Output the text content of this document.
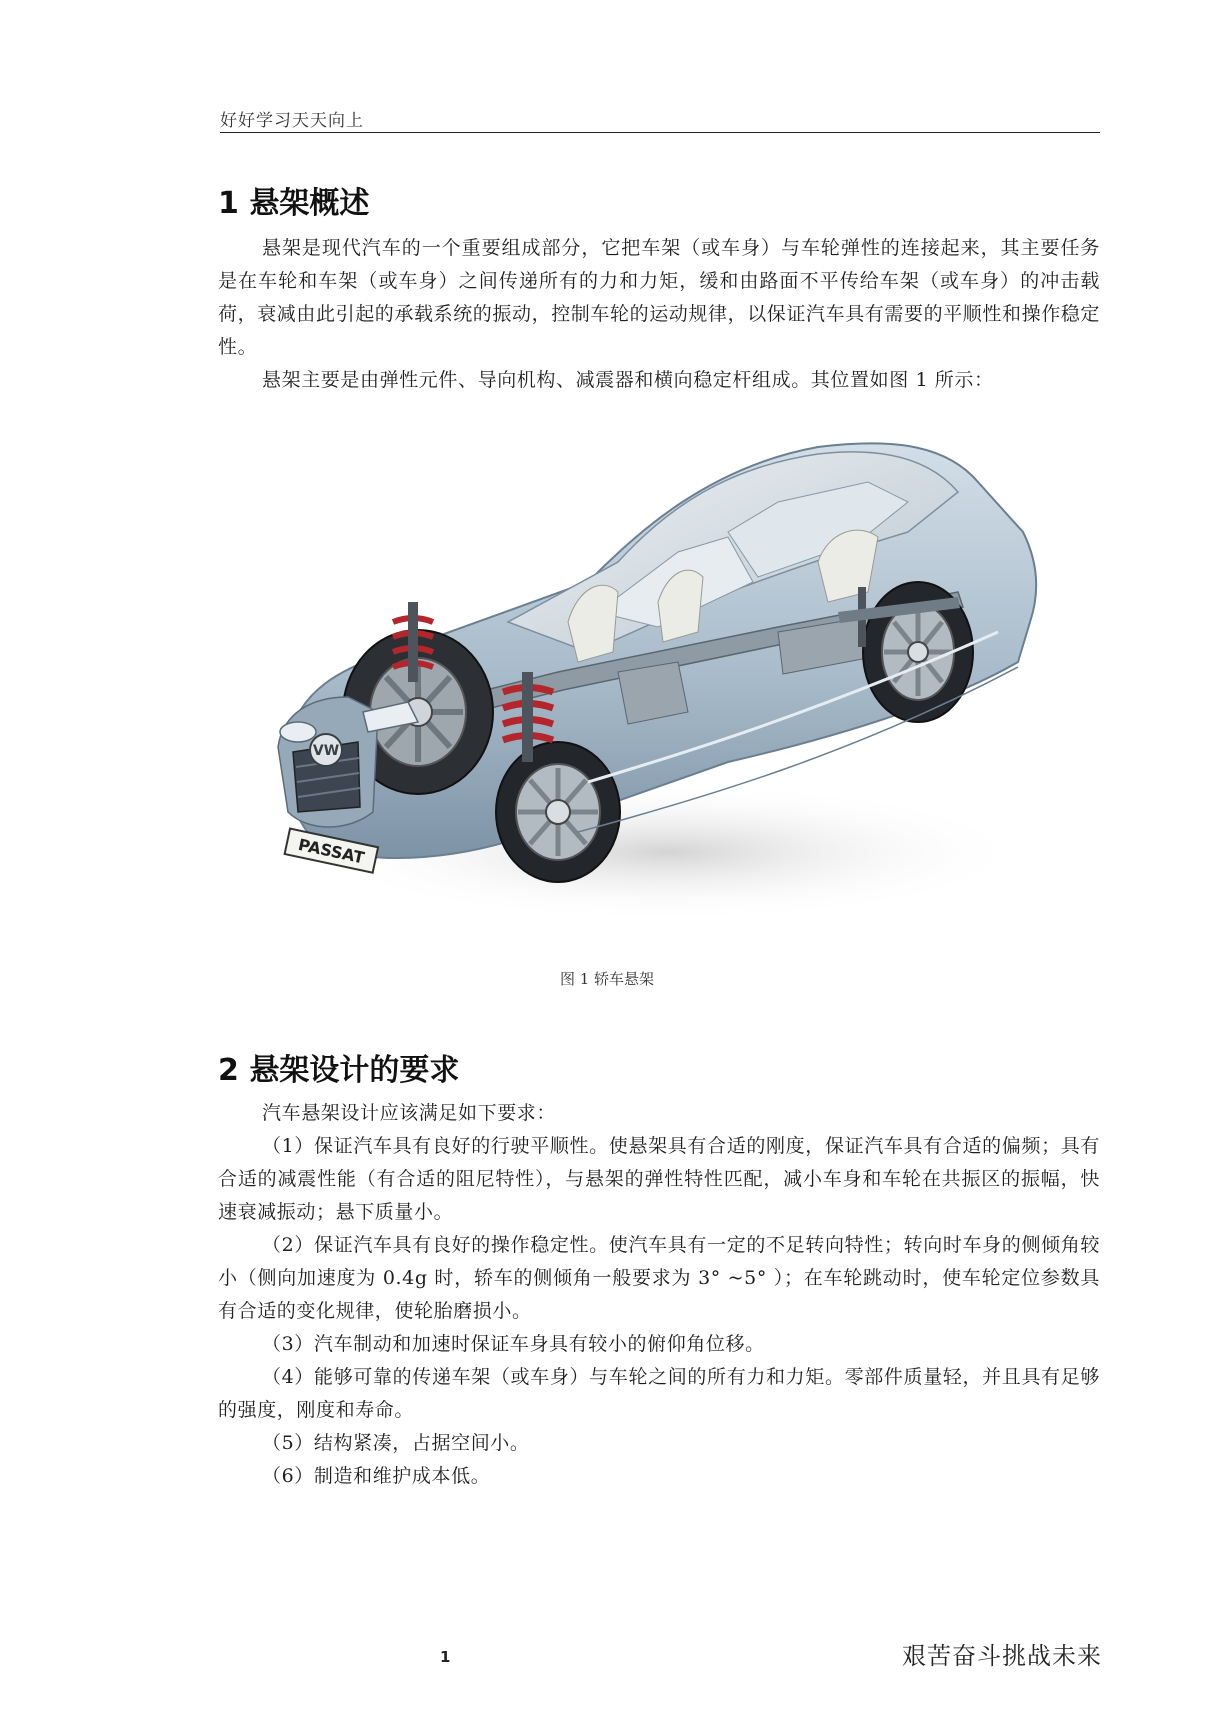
好好学习天天向上
1 悬架概述

悬架是现代汽车的一个重要组成部分，它把车架（或车身）与车轮弹性的连接起来，其主要任务是在车轮和车架（或车身）之间传递所有的力和力矩，缓和由路面不平传给车架（或车身）的冲击载荷，衰减由此引起的承载系统的振动，控制车轮的运动规律，以保证汽车具有需要的平顺性和操作稳定性。

悬架主要是由弹性元件、导向机构、减震器和横向稳定杆组成。其位置如图 1 所示：

VW
PASSAT
图 1 轿车悬架
2 悬架设计的要求

汽车悬架设计应该满足如下要求：

（1）保证汽车具有良好的行驶平顺性。使悬架具有合适的刚度，保证汽车具有合适的偏频；具有合适的减震性能（有合适的阻尼特性），与悬架的弹性特性匹配，减小车身和车轮在共振区的振幅，快速衰减振动；悬下质量小。

（2）保证汽车具有良好的操作稳定性。使汽车具有一定的不足转向特性；转向时车身的侧倾角较小（侧向加速度为 0.4g 时，轿车的侧倾角一般要求为 3° ~5° ）；在车轮跳动时，使车轮定位参数具有合适的变化规律，使轮胎磨损小。

（3）汽车制动和加速时保证车身具有较小的俯仰角位移。

（4）能够可靠的传递车架（或车身）与车轮之间的所有力和力矩。零部件质量轻，并且具有足够的强度，刚度和寿命。

（5）结构紧凑，占据空间小。

（6）制造和维护成本低。

1	艰苦奋斗挑战未来
